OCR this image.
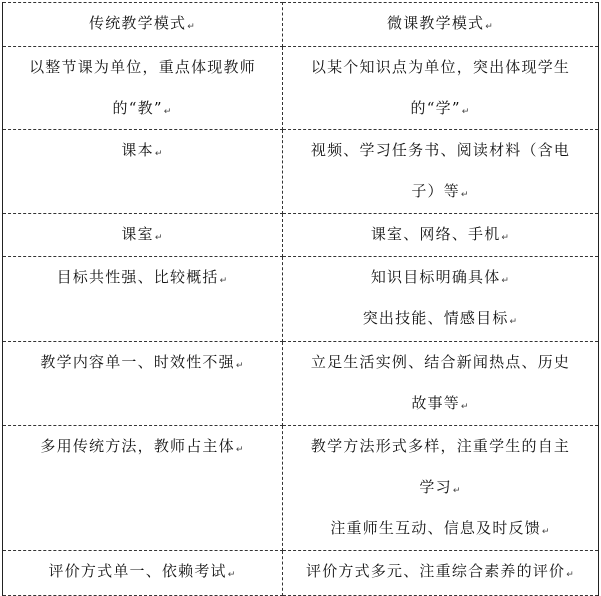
传统教学模式↵	微课教学模式↵

以整节课为单位，重点体现教师
的“教”↵	以某个知识点为单位，突出体现学生
的“学”↵

课本↵	视频、学习任务书、阅读材料（含电
子）等↵

课室↵	课室、网络、手机↵

目标共性强、比较概括↵	知识目标明确具体↵
突出技能、情感目标↵

教学内容单一、时效性不强↵	立足生活实例、结合新闻热点、历史
故事等↵

多用传统方法，教师占主体↵	教学方法形式多样，注重学生的自主
学习↵
注重师生互动、信息及时反馈↵

评价方式单一、依赖考试↵	评价方式多元、注重综合素养的评价↵
